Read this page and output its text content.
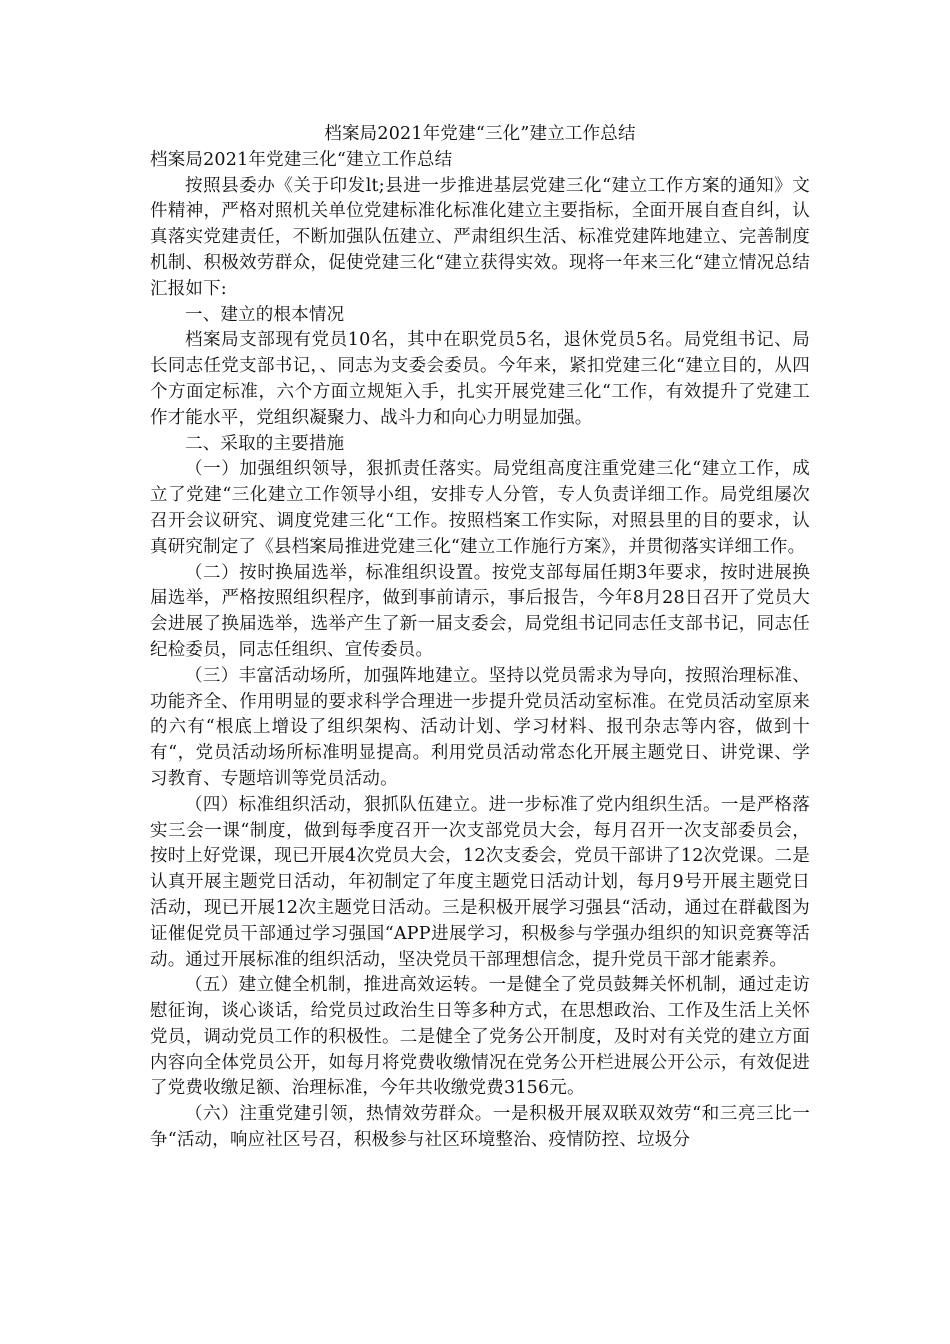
档案局2021年党建“三化”建立工作总结

档案局2021年党建三化“建立工作总结

按照县委办《关于印发lt;县进一步推进基层党建三化“建立工作方案的通知》文件精神，严格对照机关单位党建标准化标准化建立主要指标，全面开展自查自纠，认真落实党建责任，不断加强队伍建立、严肃组织生活、标准党建阵地建立、完善制度机制、积极效劳群众，促使党建三化“建立获得实效。现将一年来三化“建立情况总结汇报如下:

一、建立的根本情况

档案局支部现有党员10名，其中在职党员5名，退休党员5名。局党组书记、局长同志任党支部书记，、同志为支委会委员。今年来，紧扣党建三化“建立目的，从四个方面定标准，六个方面立规矩入手，扎实开展党建三化“工作，有效提升了党建工作才能水平，党组织凝聚力、战斗力和向心力明显加强。

二、采取的主要措施

（一）加强组织领导，狠抓责任落实。局党组高度注重党建三化“建立工作，成立了党建“三化建立工作领导小组，安排专人分管，专人负责详细工作。局党组屡次召开会议研究、调度党建三化“工作。按照档案工作实际，对照县里的目的要求，认真研究制定了《县档案局推进党建三化“建立工作施行方案》，并贯彻落实详细工作。

（二）按时换届选举，标准组织设置。按党支部每届任期3年要求，按时进展换届选举，严格按照组织程序，做到事前请示，事后报告，今年8月28日召开了党员大会进展了换届选举，选举产生了新一届支委会，局党组书记同志任支部书记，同志任纪检委员，同志任组织、宣传委员。

（三）丰富活动场所，加强阵地建立。坚持以党员需求为导向，按照治理标准、功能齐全、作用明显的要求科学合理进一步提升党员活动室标准。在党员活动室原来的六有“根底上增设了组织架构、活动计划、学习材料、报刊杂志等内容，做到十有“，党员活动场所标准明显提高。利用党员活动常态化开展主题党日、讲党课、学习教育、专题培训等党员活动。

（四）标准组织活动，狠抓队伍建立。进一步标准了党内组织生活。一是严格落实三会一课“制度，做到每季度召开一次支部党员大会，每月召开一次支部委员会，按时上好党课，现已开展4次党员大会，12次支委会，党员干部讲了12次党课。二是认真开展主题党日活动，年初制定了年度主题党日活动计划，每月9号开展主题党日活动，现已开展12次主题党日活动。三是积极开展学习强县“活动，通过在群截图为证催促党员干部通过学习强国“APP进展学习，积极参与学强办组织的知识竞赛等活动。通过开展标准的组织活动，坚决党员干部理想信念，提升党员干部才能素养。

（五）建立健全机制，推进高效运转。一是健全了党员鼓舞关怀机制，通过走访慰征询，谈心谈话，给党员过政治生日等多种方式，在思想政治、工作及生活上关怀党员，调动党员工作的积极性。二是健全了党务公开制度，及时对有关党的建立方面内容向全体党员公开，如每月将党费收缴情况在党务公开栏进展公开公示，有效促进了党费收缴足额、治理标准，今年共收缴党费3156元。

（六）注重党建引领，热情效劳群众。一是积极开展双联双效劳“和三亮三比一争“活动，响应社区号召，积极参与社区环境整治、疫情防控、垃圾分
